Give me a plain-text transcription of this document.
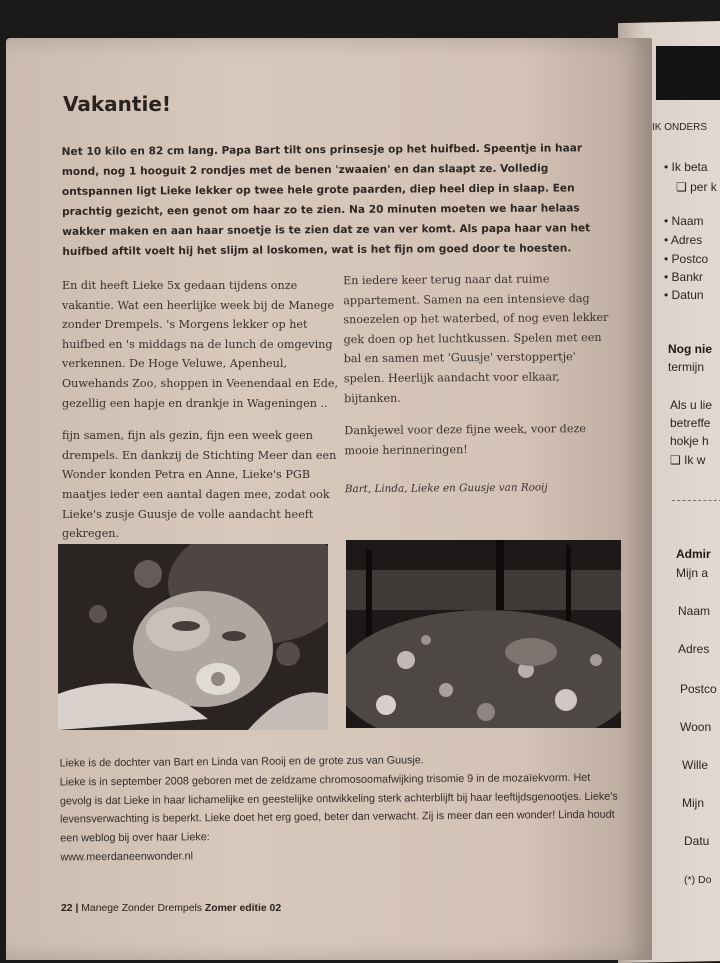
IK ONDERS
• Ik beta
❑ per k
• Naam
• Adres
• Postco
• Bankr
• Datun
Nog nie
termijn
Als u lie
betreffe
hokje h
❑ Ik w
Admir
Mijn a
Naam
Adres
Postco
Woon
Wille
Mijn
Datu
(*) Do
Vakantie!
Net 10 kilo en 82 cm lang. Papa Bart tilt ons prinsesje op het huifbed. Speentje in haar mond, nog 1 hooguit 2 rondjes met de benen 'zwaaien' en dan slaapt ze. Volledig ontspannen ligt Lieke lekker op twee hele grote paarden, diep heel diep in slaap. Een prachtig gezicht, een genot om haar zo te zien. Na 20 minuten moeten we haar helaas wakker maken en aan haar snoetje is te zien dat ze van ver komt. Als papa haar van het huifbed aftilt voelt hij het slijm al loskomen, wat is het fijn om goed door te hoesten.

En dit heeft Lieke 5x gedaan tijdens onze vakantie. Wat een heerlijke week bij de Manege zonder Drempels. 's Morgens lekker op het huifbed en 's middags na de lunch de omgeving verkennen. De Hoge Veluwe, Apenheul, Ouwehands Zoo, shoppen in Veenendaal en Ede, gezellig een hapje en drankje in Wageningen ..

fijn samen, fijn als gezin, fijn een week geen drempels. En dankzij de Stichting Meer dan een Wonder konden Petra en Anne, Lieke's PGB maatjes ieder een aantal dagen mee, zodat ook Lieke's zusje Guusje de volle aandacht heeft gekregen.

En iedere keer terug naar dat ruime appartement. Samen na een intensieve dag snoezelen op het waterbed, of nog even lekker gek doen op het luchtkussen. Spelen met een bal en samen met 'Guusje' verstoppertje' spelen. Heerlijk aandacht voor elkaar, bijtanken.

Dankjewel voor deze fijne week, voor deze mooie herinneringen!

Bart, Linda, Lieke en Guusje van Rooij

Lieke is de dochter van Bart en Linda van Rooij en de grote zus van Guusje.

Lieke is in september 2008 geboren met de zeldzame chromosoomafwijking trisomie 9 in de mozaïekvorm. Het gevolg is dat Lieke in haar lichamelijke en geestelijke ontwikkeling sterk achterblijft bij haar leeftijdsgenootjes. Lieke's levensverwachting is beperkt. Lieke doet het erg goed, beter dan verwacht. Zij is meer dan een wonder! Linda houdt een weblog bij over haar Lieke:

www.meerdaneenwonder.nl

22 | Manege Zonder Drempels Zomer editie 02
